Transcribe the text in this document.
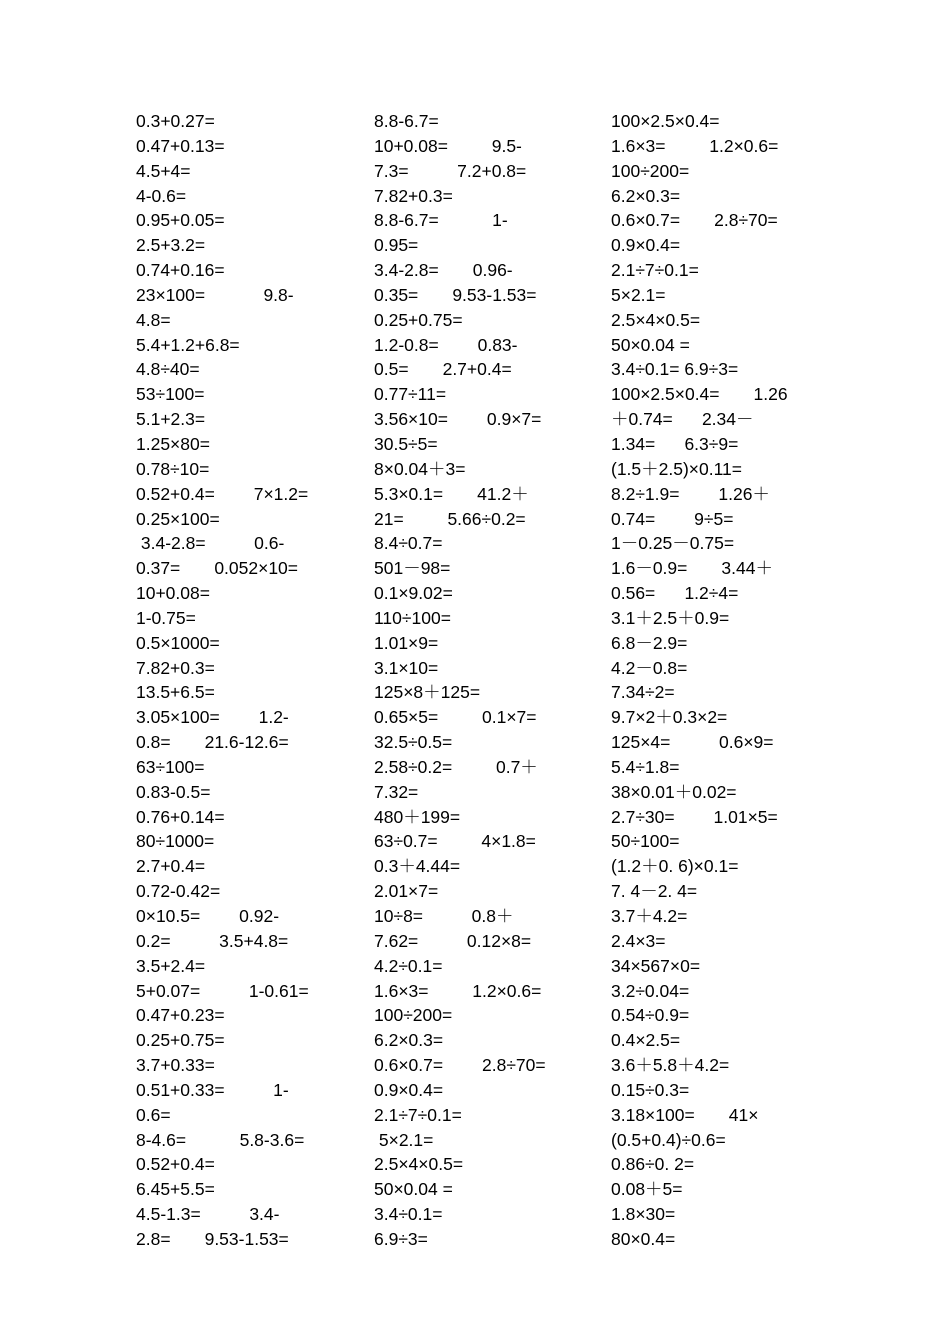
0.3+0.27=
0.47+0.13=
4.5+4=
4-0.6=
0.95+0.05=
2.5+3.2=
0.74+0.16=
23×100=            9.8-
4.8=
5.4+1.2+6.8=
4.8÷40=
53÷100=
5.1+2.3=
1.25×80=
0.78÷10=
0.52+0.4=        7×1.2=
0.25×100=
3.4-2.8=          0.6-
0.37=       0.052×10=
10+0.08=
1-0.75=
0.5×1000=
7.82+0.3=
13.5+6.5=
3.05×100=        1.2-
0.8=       21.6-12.6=
63÷100=
0.83-0.5=
0.76+0.14=
80÷1000=
2.7+0.4=
0.72-0.42=
0×10.5=        0.92-
0.2=          3.5+4.8=
3.5+2.4=
5+0.07=          1-0.61=
0.47+0.23=
0.25+0.75=
3.7+0.33=
0.51+0.33=          1-
0.6=
8-4.6=           5.8-3.6=
0.52+0.4=
6.45+5.5=
4.5-1.3=          3.4-
2.8=       9.53-1.53=
8.8-6.7=
10+0.08=         9.5-
7.3=          7.2+0.8=
7.82+0.3=
8.8-6.7=           1-
0.95=
3.4-2.8=       0.96-
0.35=       9.53-1.53=
0.25+0.75=
1.2-0.8=        0.83-
0.5=       2.7+0.4=
0.77÷11=
3.56×10=        0.9×7=
30.5÷5=
8×0.04＋3=
5.3×0.1=       41.2＋
21=         5.66÷0.2=
8.4÷0.7=
501－98=
0.1×9.02=
110÷100=
1.01×9=
3.1×10=
125×8＋125=
0.65×5=         0.1×7=
32.5÷0.5=
2.58÷0.2=         0.7＋
7.32=
480＋199=
63÷0.7=         4×1.8=
0.3＋4.44=
2.01×7=
10÷8=          0.8＋
7.62=          0.12×8=
4.2÷0.1=
1.6×3=         1.2×0.6=
100÷200=
6.2×0.3=
0.6×0.7=        2.8÷70=
0.9×0.4=
2.1÷7÷0.1=
5×2.1=
2.5×4×0.5=
50×0.04 =
3.4÷0.1=
6.9÷3=
100×2.5×0.4=
1.6×3=         1.2×0.6=
100÷200=
6.2×0.3=
0.6×0.7=       2.8÷70=
0.9×0.4=
2.1÷7÷0.1=
5×2.1=
2.5×4×0.5=
50×0.04 =
3.4÷0.1= 6.9÷3=
100×2.5×0.4=       1.26
＋0.74=      2.34－
1.34=      6.3÷9=
(1.5＋2.5)×0.11=
8.2÷1.9=        1.26＋
0.74=        9÷5=
1－0.25－0.75=
1.6－0.9=       3.44＋
0.56=      1.2÷4=
3.1＋2.5＋0.9=
6.8－2.9=
4.2－0.8=
7.34÷2=
9.7×2＋0.3×2=
125×4=          0.6×9=
5.4÷1.8=
38×0.01＋0.02=
2.7÷30=        1.01×5=
50÷100=
(1.2＋0. 6)×0.1=
7. 4－2. 4=
3.7＋4.2=
2.4×3=
34×567×0=
3.2÷0.04=
0.54÷0.9=
0.4×2.5=
3.6＋5.8＋4.2=
0.15÷0.3=
3.18×100=       41×
(0.5+0.4)÷0.6=
0.86÷0. 2=
0.08＋5=
1.8×30=
80×0.4=
